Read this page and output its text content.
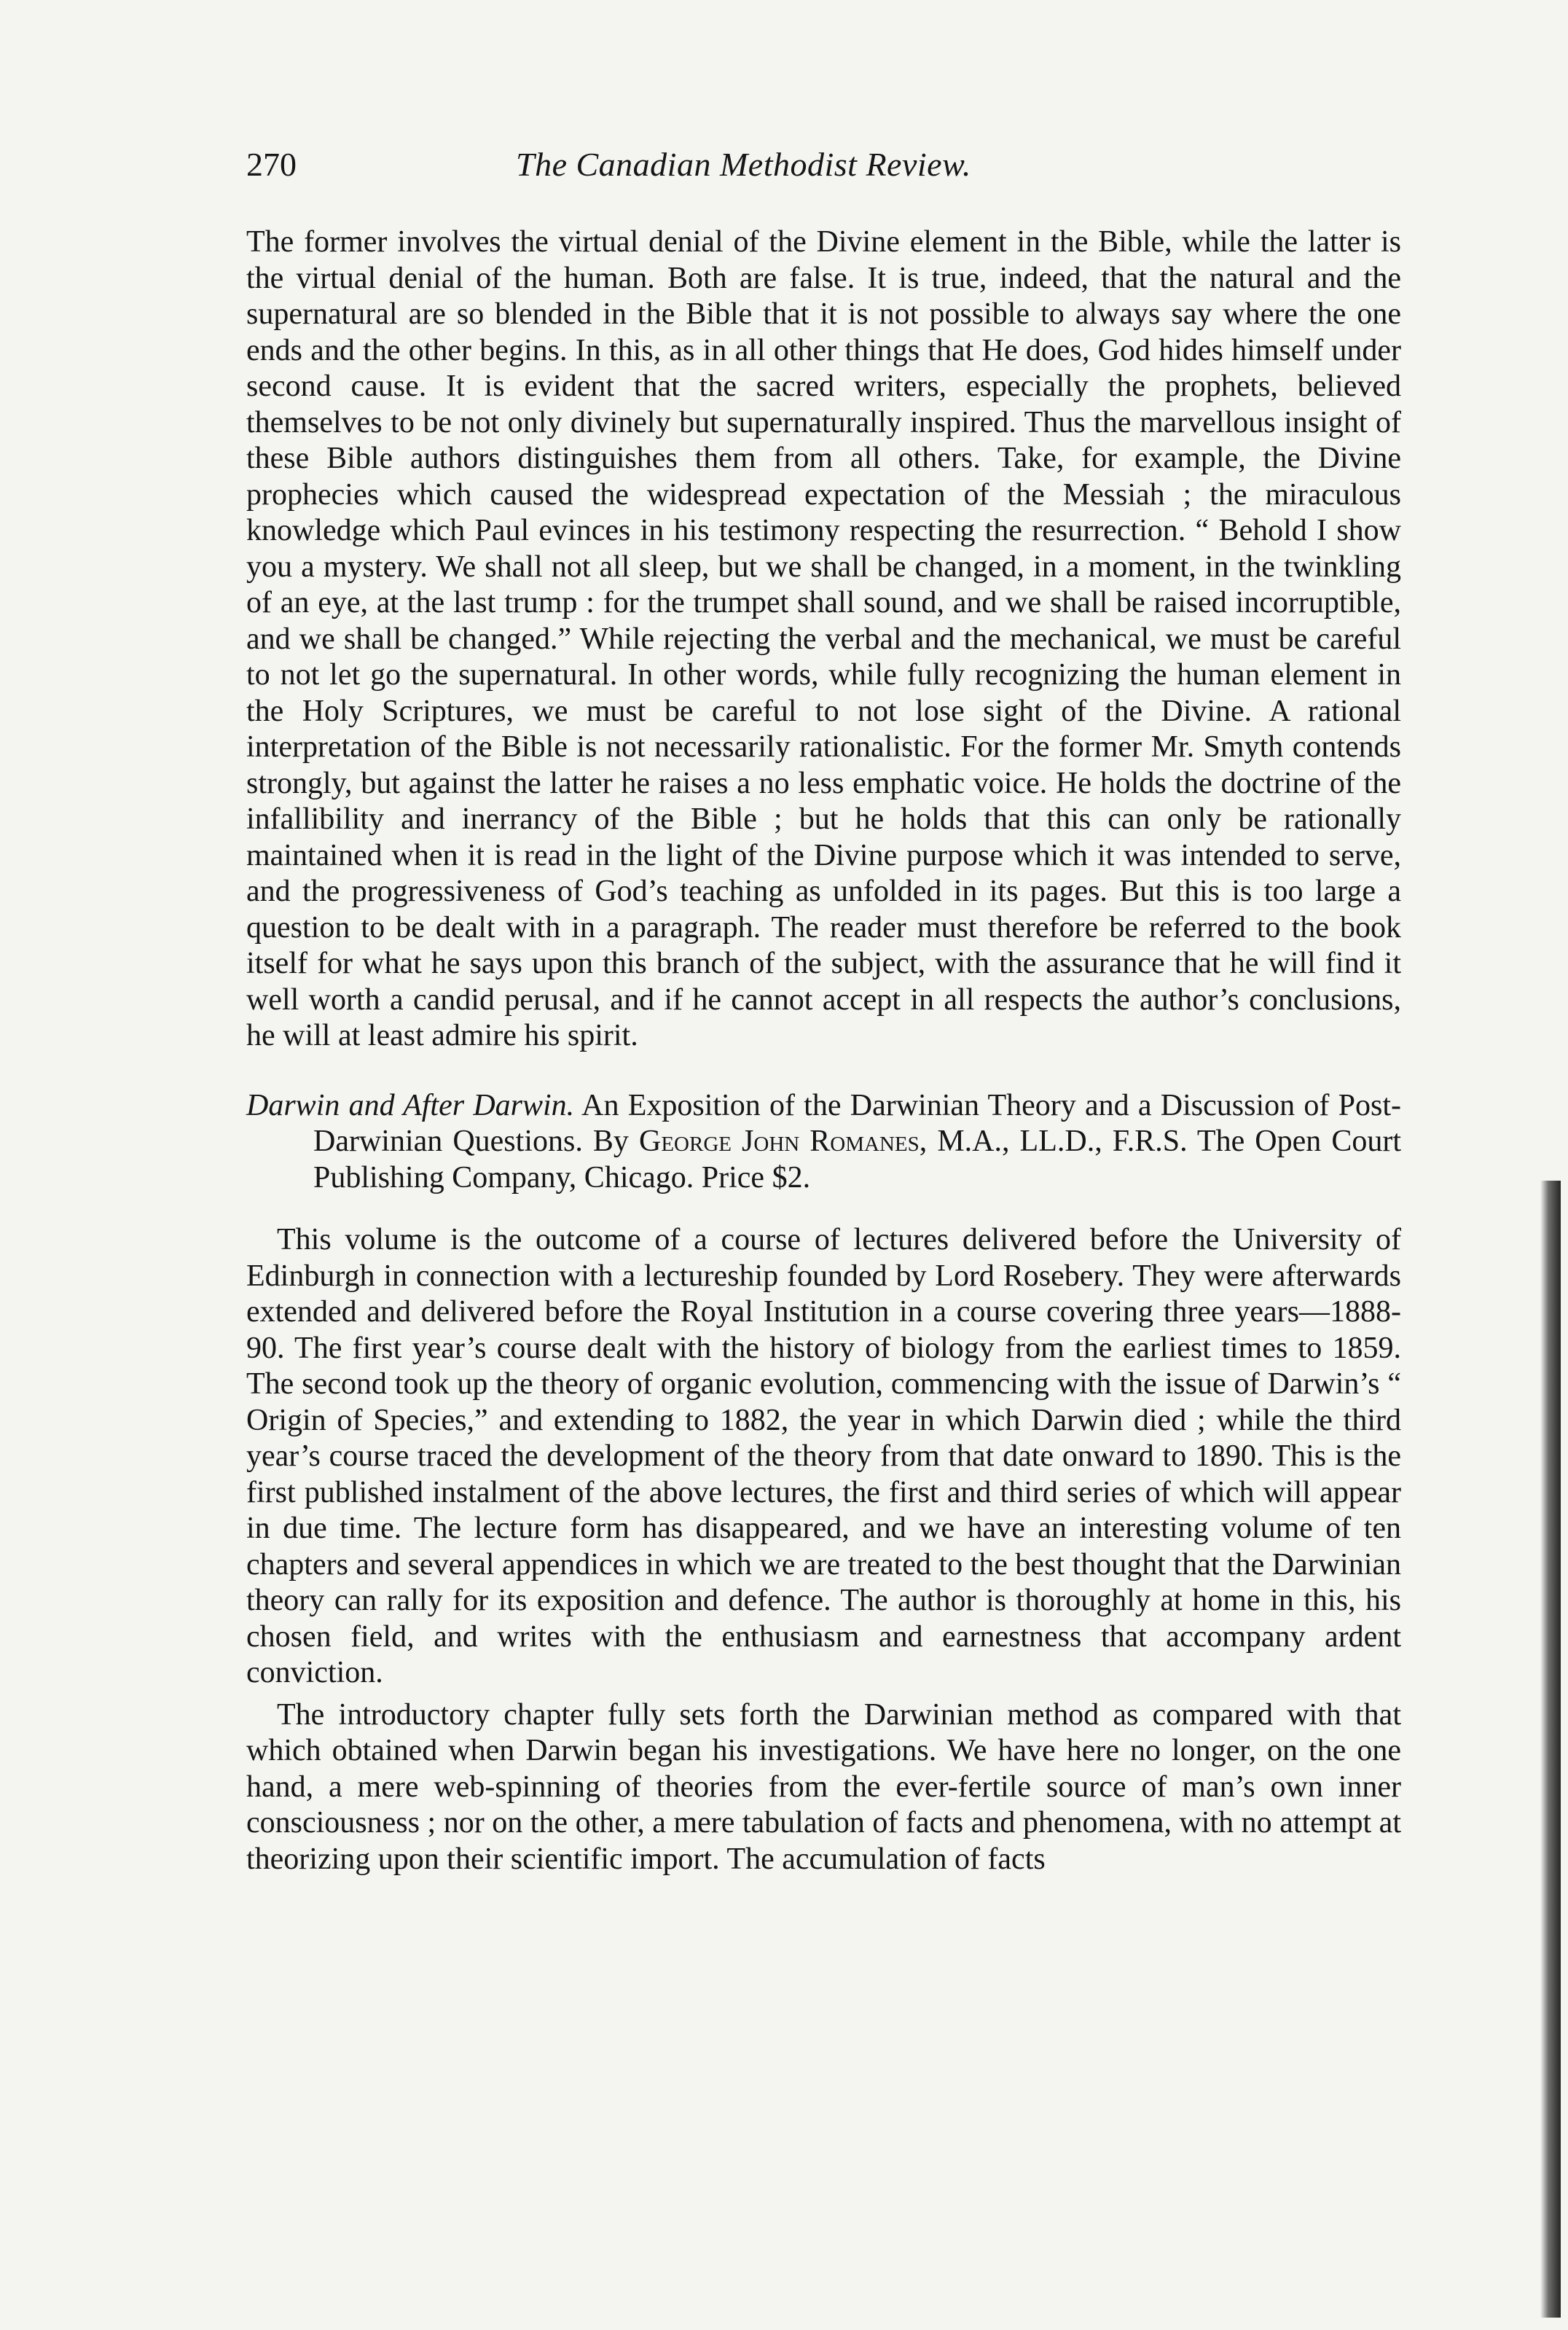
270	The Canadian Methodist Review.

The former involves the virtual denial of the Divine element in the Bible, while the latter is the virtual denial of the human. Both are false. It is true, indeed, that the natural and the supernatural are so blended in the Bible that it is not possible to always say where the one ends and the other begins. In this, as in all other things that He does, God hides himself under second cause. It is evident that the sacred writers, especially the prophets, believed themselves to be not only divinely but supernaturally inspired. Thus the marvellous insight of these Bible authors distinguishes them from all others. Take, for example, the Divine prophecies which caused the widespread expectation of the Messiah ; the miraculous knowledge which Paul evinces in his testimony respecting the resurrection. “ Behold I show you a mystery. We shall not all sleep, but we shall be changed, in a moment, in the twinkling of an eye, at the last trump : for the trumpet shall sound, and we shall be raised incorruptible, and we shall be changed.” While rejecting the verbal and the mechanical, we must be careful to not let go the supernatural. In other words, while fully recognizing the human element in the Holy Scriptures, we must be careful to not lose sight of the Divine. A rational interpretation of the Bible is not necessarily rationalistic. For the former Mr. Smyth contends strongly, but against the latter he raises a no less emphatic voice. He holds the doctrine of the infallibility and inerrancy of the Bible ; but he holds that this can only be rationally maintained when it is read in the light of the Divine purpose which it was intended to serve, and the progressiveness of God’s teaching as unfolded in its pages. But this is too large a question to be dealt with in a paragraph. The reader must therefore be referred to the book itself for what he says upon this branch of the subject, with the assurance that he will find it well worth a candid perusal, and if he cannot accept in all respects the author’s conclusions, he will at least admire his spirit.

Darwin and After Darwin. An Exposition of the Darwinian Theory and a Discussion of Post-Darwinian Questions. By George John Romanes, M.A., LL.D., F.R.S. The Open Court Publishing Company, Chicago. Price $2.

This volume is the outcome of a course of lectures delivered before the University of Edinburgh in connection with a lectureship founded by Lord Rosebery. They were afterwards extended and delivered before the Royal Institution in a course covering three years—1888-90. The first year’s course dealt with the history of biology from the earliest times to 1859. The second took up the theory of organic evolution, commencing with the issue of Darwin’s “ Origin of Species,” and extending to 1882, the year in which Darwin died ; while the third year’s course traced the development of the theory from that date onward to 1890. This is the first published instalment of the above lectures, the first and third series of which will appear in due time. The lecture form has disappeared, and we have an interesting volume of ten chapters and several appendices in which we are treated to the best thought that the Darwinian theory can rally for its exposition and defence. The author is thoroughly at home in this, his chosen field, and writes with the enthusiasm and earnestness that accompany ardent conviction.

The introductory chapter fully sets forth the Darwinian method as compared with that which obtained when Darwin began his investigations. We have here no longer, on the one hand, a mere web-spinning of theories from the ever-fertile source of man’s own inner consciousness ; nor on the other, a mere tabulation of facts and phenomena, with no attempt at theorizing upon their scientific import. The accumulation of facts
